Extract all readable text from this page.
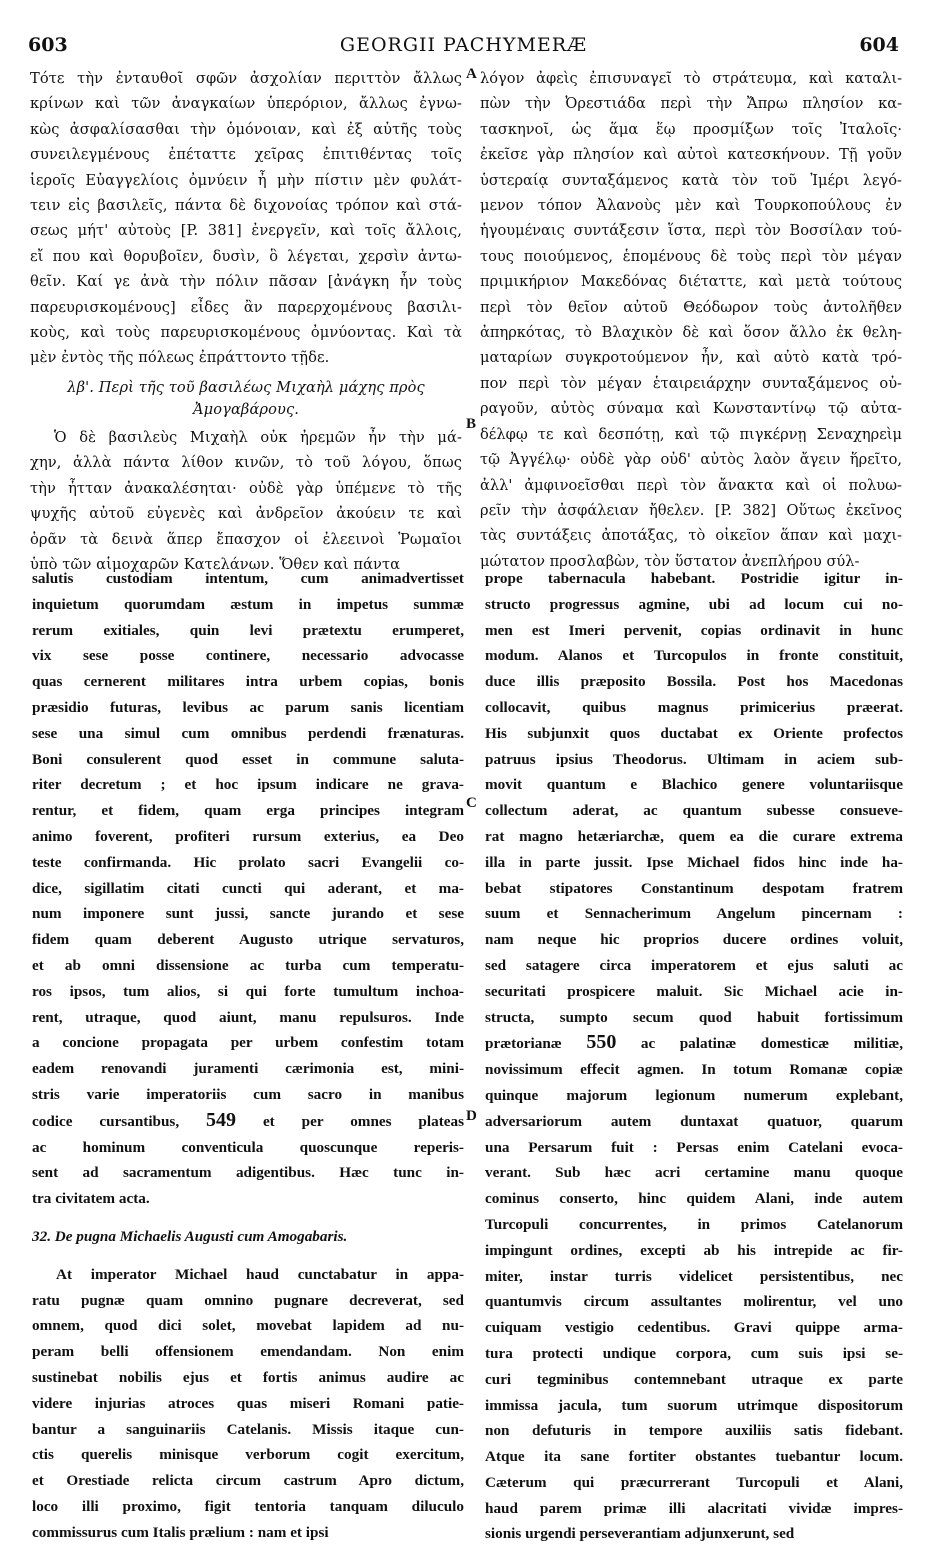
603	GEORGII PACHYMERÆ	604
A
B
C
D
Τότε τὴν ἐνταυθοῖ σφῶν ἀσχολίαν περιττὸν ἄλλως
κρίνων καὶ τῶν ἀναγκαίων ὑπερόριον, ἄλλως ἐγνω-
κὼς ἀσφαλίσασθαι τὴν ὁμόνοιαν, καὶ ἐξ αὐτῆς τοὺς
συνειλεγμένους ἐπέταττε χεῖρας ἐπιτιθέντας τοῖς
ἱεροῖς Εὐαγγελίοις ὀμνύειν ἦ μὴν πίστιν μὲν φυλάτ-
τειν εἰς βασιλεῖς, πάντα δὲ διχονοίας τρόπον καὶ στά-
σεως μήτ' αὐτοὺς [P. 381] ἐνεργεῖν, καὶ τοῖς ἄλλοις,
εἴ που καὶ θορυβοῖεν, δυσὶν, ὃ λέγεται, χερσὶν ἀντω-
θεῖν. Καί γε ἀνὰ τὴν πόλιν πᾶσαν [ἀνάγκη ἦν τοὺς
παρευρισκομένους] εἶδες ἂν παρερχομένους βασιλι-
κοὺς, καὶ τοὺς παρευρισκομένους ὀμνύοντας. Καὶ τὰ
μὲν ἐντὸς τῆς πόλεως ἐπράττοντο τῇδε.
λβ'. Περὶ τῆς τοῦ βασιλέως Μιχαὴλ μάχης πρὸς Ἀμογαβάρους.
Ὁ δὲ βασιλεὺς Μιχαὴλ οὐκ ἠρεμῶν ἦν τὴν μά-
χην, ἀλλὰ πάντα λίθον κινῶν, τὸ τοῦ λόγου, ὅπως
τὴν ἧτταν ἀνακαλέσηται· οὐδὲ γὰρ ὑπέμενε τὸ τῆς
ψυχῆς αὐτοῦ εὐγενὲς καὶ ἀνδρεῖον ἀκούειν τε καὶ
ὁρᾶν τὰ δεινὰ ἅπερ ἔπασχον οἱ ἐλεεινοὶ Ῥωμαῖοι
ὑπὸ τῶν αἱμοχαρῶν Κατελάνων. Ὅθεν καὶ πάντα
λόγον ἀφεὶς ἐπισυναγεῖ τὸ στράτευμα, καὶ καταλι-
πὼν τὴν Ὀρεστιάδα περὶ τὴν Ἄπρω πλησίον κα-
τασκηνοῖ, ὡς ἅμα ἕῳ προσμίξων τοῖς Ἰταλοῖς·
ἐκεῖσε γὰρ πλησίον καὶ αὐτοὶ κατεσκήνουν. Τῇ γοῦν
ὑστεραίᾳ συνταξάμενος κατὰ τὸν τοῦ Ἰμέρι λεγό-
μενον τόπον Ἀλανοὺς μὲν καὶ Τουρκοπούλους ἐν
ἡγουμέναις συντάξεσιν ἵστα, περὶ τὸν Βοσσίλαν τού-
τους ποιούμενος, ἑπομένους δὲ τοὺς περὶ τὸν μέγαν
πριμικήριον Μακεδόνας διέταττε, καὶ μετὰ τούτους
περὶ τὸν θεῖον αὐτοῦ Θεόδωρον τοὺς ἀντολῆθεν
ἀπηρκότας, τὸ Βλαχικὸν δὲ καὶ ὅσον ἄλλο ἐκ θελη-
ματαρίων συγκροτούμενον ἦν, καὶ αὐτὸ κατὰ τρό-
πον περὶ τὸν μέγαν ἑταιρειάρχην συνταξάμενος οὐ-
ραγοῦν, αὐτὸς σύναμα καὶ Κωνσταντίνῳ τῷ αὐτα-
δέλφῳ τε καὶ δεσπότῃ, καὶ τῷ πιγκέρνῃ Σεναχηρεὶμ
τῷ Ἀγγέλῳ· οὐδὲ γὰρ οὐδ' αὐτὸς λαὸν ἄγειν ἥρεῖτο,
ἀλλ' ἀμφινοεῖσθαι περὶ τὸν ἄνακτα καὶ οἱ πολυω-
ρεῖν τὴν ἀσφάλειαν ἤθελεν. [P. 382] Οὕτως ἐκεῖνος
τὰς συντάξεις ἀποτάξας, τὸ οἰκεῖον ἅπαν καὶ μαχι-
μώτατον προσλαβὼν, τὸν ὕστατον ἀνεπλήρου σύλ-
salutis custodiam intentum, cum animadvertisset
inquietum quorumdam æstum in impetus summæ
rerum exitiales, quin levi prætextu erumperet,
vix sese posse continere, necessario advocasse
quas cernerent militares intra urbem copias, bonis
præsidio futuras, levibus ac parum sanis licentiam
sese una simul cum omnibus perdendi frænaturas.
Boni consulerent quod esset in commune saluta-
riter decretum ; et hoc ipsum indicare ne gravа-
rentur, et fidem, quam erga principes integram
animo foverent, profiteri rursum exterius, eа Deo
teste confirmanda. Hic prolato sacri Evangelii co-
dice, sigillatim citati cuncti qui aderant, et ma-
num imponere sunt jussi, sancte jurando et sese
fidem quam deberent Augusto utrique servaturos,
et ab omni dissensione ac turba cum temperatu-
ros ipsos, tum alios, si qui forte tumultum inchoa-
rent, utraque, quod aiunt, manu repulsuros. Inde
a concione propagata per urbem confestim totam
eadem renovandi juramenti cærimonia est, mini-
stris varie imperatoriis cum sacro in manibus
codice cursantibus, 549 et per omnes plateas
ac hominum conventicula quoscunque reperis-
sent ad sacramentum adigentibus. Hæc tunc in-
tra civitatem acta.
32. De pugna Michaelis Augusti cum Amogabaris.
At imperator Michael haud cunctabatur in appa-
ratu pugnæ quam omnino pugnare decreverat, sed
omnem, quod dici solet, movebat lapidem ad nu-
peram belli offensionem emendandam. Non enim
sustinebat nobilis ejus et fortis animus audire ac
videre injurias atroces quas miseri Romani patie-
bantur a sanguinariis Catelanis. Missis itaque cun-
ctis querelis minisque verborum cogit exercitum,
et Orestiade relicta circum castrum Apro dictum,
loco illi proximo, figit tentoria tanquam diluculo
commissurus cum Italis prælium : nam et ipsi
prope tabernacula habebant. Postridie igitur in-
structo progressus agmine, ubi ad locum cui no-
men est Imeri pervenit, copias ordinavit in hunc
modum. Alanos et Turcopulos in fronte constituit,
duce illis præposito Bossila. Post hos Macedonas
collocavit, quibus magnus primicerius præerat.
His subjunxit quos ductabat ex Oriente profectos
patruus ipsius Theodorus. Ultimam in aciem sub-
movit quantum e Blachico genere voluntariisque
collectum aderat, ac quantum subesse consueve-
rat magno hetæriarchæ, quem ea die curare extrema
illa in parte jussit. Ipse Michael fidos hinc inde ha-
bebat stipatores Constantinum despotam fratrem
suum et Sennacherimum Angelum pincernam :
nam neque hic proprios ducere ordines voluit,
sed satagere circa imperatorem et ejus saluti ac
securitati prospicere maluit. Sic Michael acie in-
structa, sumpto secum quod habuit fortissimum
prætorianæ 550 ac palatinæ domesticæ militiæ,
novissimum effecit agmen. In totum Romanæ copiæ
quinque majorum legionum numerum explebant,
adversariorum autem duntaxat quatuor, quarum
una Persarum fuit : Persas enim Catelani evoca-
verant. Sub hæc acri certamine manu quoque
cominus conserto, hinc quidem Alani, inde autem
Turcopuli concurrentes, in primos Catelanorum
impingunt ordines, excepti ab his intrepide ac fir-
miter, instar turris videlicet persistentibus, nec
quantumvis circum assultantes molirentur, vel uno
cuiquam vestigio cedentibus. Gravi quippe arma-
tura protecti undique corpora, cum suis ipsi se-
curi tegminibus contemnebant utraque ex parte
immissa jacula, tum suorum utrimque dispositorum
non defuturis in tempore auxiliis satis fidebant.
Atque ita sane fortiter obstantes tuebantur locum.
Cæterum qui præcurrerant Turcopuli et Alani,
haud parem primæ illi alacritati vividæ impres-
sionis urgendi perseverantiam adjunxerunt, sed
